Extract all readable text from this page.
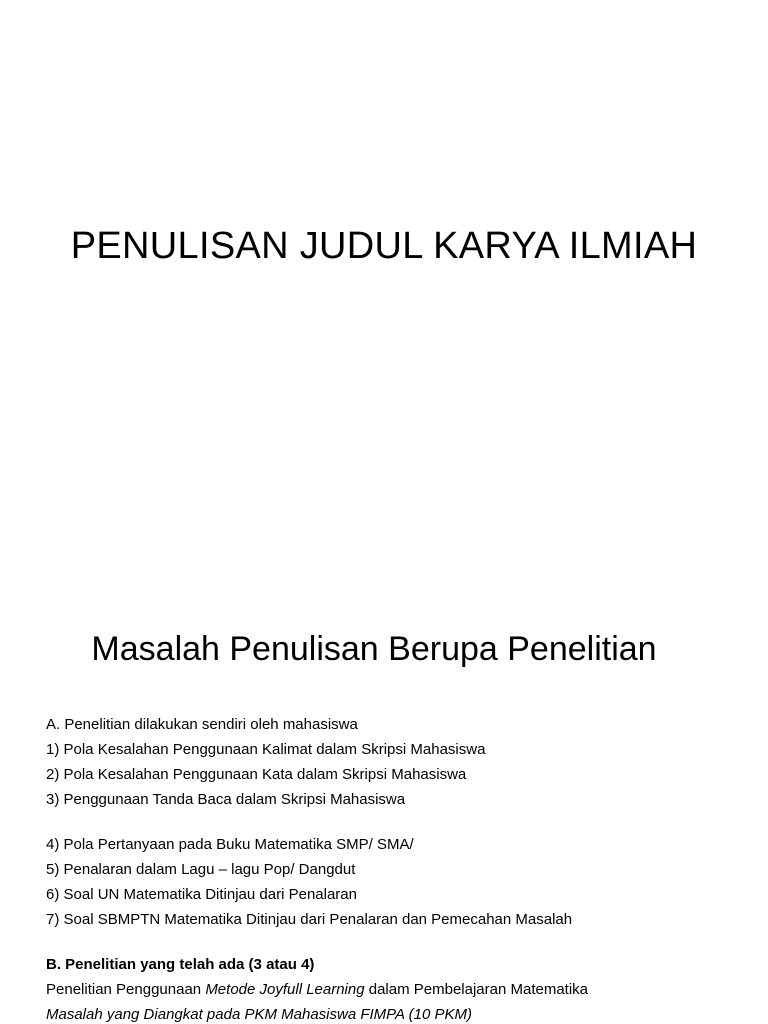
PENULISAN JUDUL KARYA ILMIAH
Masalah Penulisan Berupa Penelitian
A. Penelitian dilakukan sendiri oleh mahasiswa
1) Pola Kesalahan Penggunaan Kalimat dalam Skripsi Mahasiswa
2) Pola Kesalahan Penggunaan Kata dalam Skripsi Mahasiswa
3) Penggunaan Tanda Baca dalam Skripsi Mahasiswa
4) Pola Pertanyaan pada Buku Matematika SMP/ SMA/
5) Penalaran dalam Lagu – lagu Pop/ Dangdut
6) Soal UN Matematika Ditinjau dari Penalaran
7) Soal SBMPTN Matematika Ditinjau dari Penalaran dan Pemecahan Masalah
B. Penelitian yang telah ada (3 atau 4)
Penelitian Penggunaan Metode Joyfull Learning dalam Pembelajaran Matematika
Masalah yang Diangkat pada PKM Mahasiswa FIMPA (10 PKM)
